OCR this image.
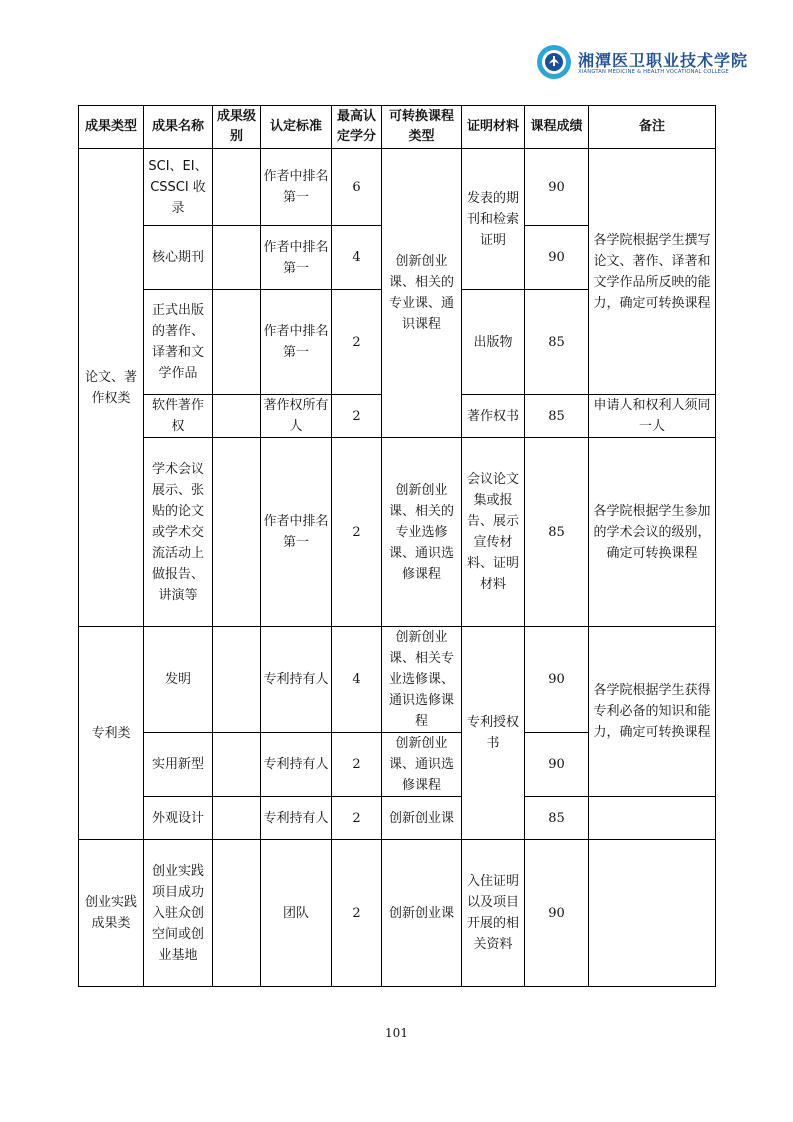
湘潭医卫职业技术学院
XIANGTAN MEDICINE & HEALTH VOCATIONAL COLLEGE
成果类型	成果名称	成果级别	认定标准	最高认定学分	可转换课程类型	证明材料	课程成绩	备注
论文、著作权类	SCI、EI、CSSCI 收录		作者中排名第一	6	创新创业课、相关的专业课、通识课程	发表的期刊和检索证明	90	各学院根据学生撰写论文、著作、译著和文学作品所反映的能力，确定可转换课程
	核心期刊		作者中排名第一	4			90	
	正式出版的著作、译著和文学作品		作者中排名第一	2		出版物	85	
	软件著作权		著作权所有人	2		著作权书	85	申请人和权利人须同一人
	学术会议展示、张贴的论文或学术交流活动上做报告、讲演等		作者中排名第一	2	创新创业课、相关的专业选修课、通识选修课程	会议论文集或报告、展示宣传材料、证明材料	85	各学院根据学生参加的学术会议的级别，确定可转换课程
专利类	发明		专利持有人	4	创新创业课、相关专业选修课、通识选修课程	专利授权书	90	各学院根据学生获得专利必备的知识和能力，确定可转换课程
	实用新型		专利持有人	2	创新创业课、通识选修课程		90	
	外观设计		专利持有人	2	创新创业课		85	
创业实践成果类	创业实践项目成功入驻众创空间或创业基地		团队	2	创新创业课	入住证明以及项目开展的相关资料	90	
101
